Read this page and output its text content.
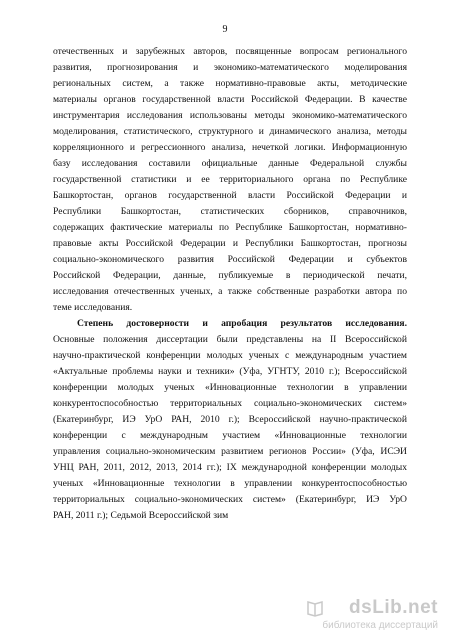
9
отечественных и зарубежных авторов, посвященные вопросам регионального
развития, прогнозирования и экономико-математического моделирования
региональных систем, а также нормативно-правовые акты, методические
материалы органов государственной власти Российской Федерации. В качестве
инструментария исследования использованы методы экономико-математического
моделирования, статистического, структурного и динамического анализа, методы
корреляционного и регрессионного анализа, нечеткой логики. Информационную
базу исследования составили официальные данные Федеральной службы
государственной статистики и ее территориального органа по Республике
Башкортостан, органов государственной власти Российской Федерации и
Республики Башкортостан, статистических сборников, справочников,
содержащих фактические материалы по Республике Башкортостан, нормативно-
правовые акты Российской Федерации и Республики Башкортостан, прогнозы
социально-экономического развития Российской Федерации и субъектов
Российской Федерации, данные, публикуемые в периодической печати,
исследования отечественных ученых, а также собственные разработки автора по
теме исследования.
Степень достоверности и апробация результатов исследования.
Основные положения диссертации были представлены на II Всероссийской
научно-практической конференции молодых ученых с международным участием
«Актуальные проблемы науки и техники» (Уфа, УГНТУ, 2010 г.); Всероссийской
конференции молодых ученых «Инновационные технологии в управлении
конкурентоспособностью территориальных социально-экономических систем»
(Екатеринбург, ИЭ УрО РАН, 2010 г.); Всероссийской научно-практической
конференции с международным участием «Инновационные технологии
управления социально-экономическим развитием регионов России» (Уфа, ИСЭИ
УНЦ РАН, 2011, 2012, 2013, 2014 гг.); IX международной конференции молодых
ученых «Инновационные технологии в управлении конкурентоспособностью
территориальных социально-экономических систем» (Екатеринбург, ИЭ УрО
РАН, 2011 г.); Седьмой Всероссийской зим
dsLib.net
библиотека диссертаций
